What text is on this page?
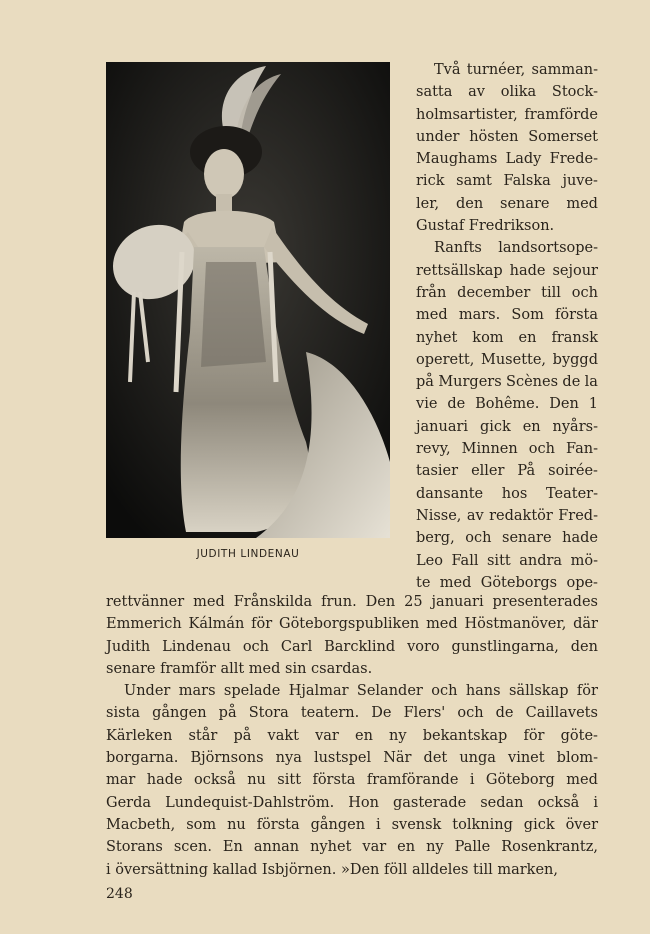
JUDITH LINDENAU
Två turnéer, samman-
satta av olika Stock-
holmsartister, framförde
under hösten Somerset
Maughams Lady Frede-
rick samt Falska juve-
ler, den senare med
Gustaf Fredrikson.
Ranfts landsortsope-
rettsällskap hade sejour
från december till och
med mars. Som första
nyhet kom en fransk
operett, Musette, byggd
på Murgers Scènes de la
vie de Bohême. Den 1
januari gick en nyårs-
revy, Minnen och Fan-
tasier eller På soirée-
dansante hos Teater-
Nisse, av redaktör Fred-
berg, och senare hade
Leo Fall sitt andra mö-
te med Göteborgs ope-
rettvänner med Frånskilda frun. Den 25 januari presenterades
Emmerich Kálmán för Göteborgspubliken med Höstmanöver, där
Judith Lindenau och Carl Barcklind voro gunstlingarna, den
senare framför allt med sin csardas.
Under mars spelade Hjalmar Selander och hans sällskap för
sista gången på Stora teatern. De Flers' och de Caillavets
Kärleken står på vakt var en ny bekantskap för göte-
borgarna. Björnsons nya lustspel När det unga vinet blom-
mar hade också nu sitt första framförande i Göteborg med
Gerda Lundequist-Dahlström. Hon gasterade sedan också i
Macbeth, som nu första gången i svensk tolkning gick över
Storans scen. En annan nyhet var en ny Palle Rosenkrantz,
i översättning kallad Isbjörnen. »Den föll alldeles till marken,
248
